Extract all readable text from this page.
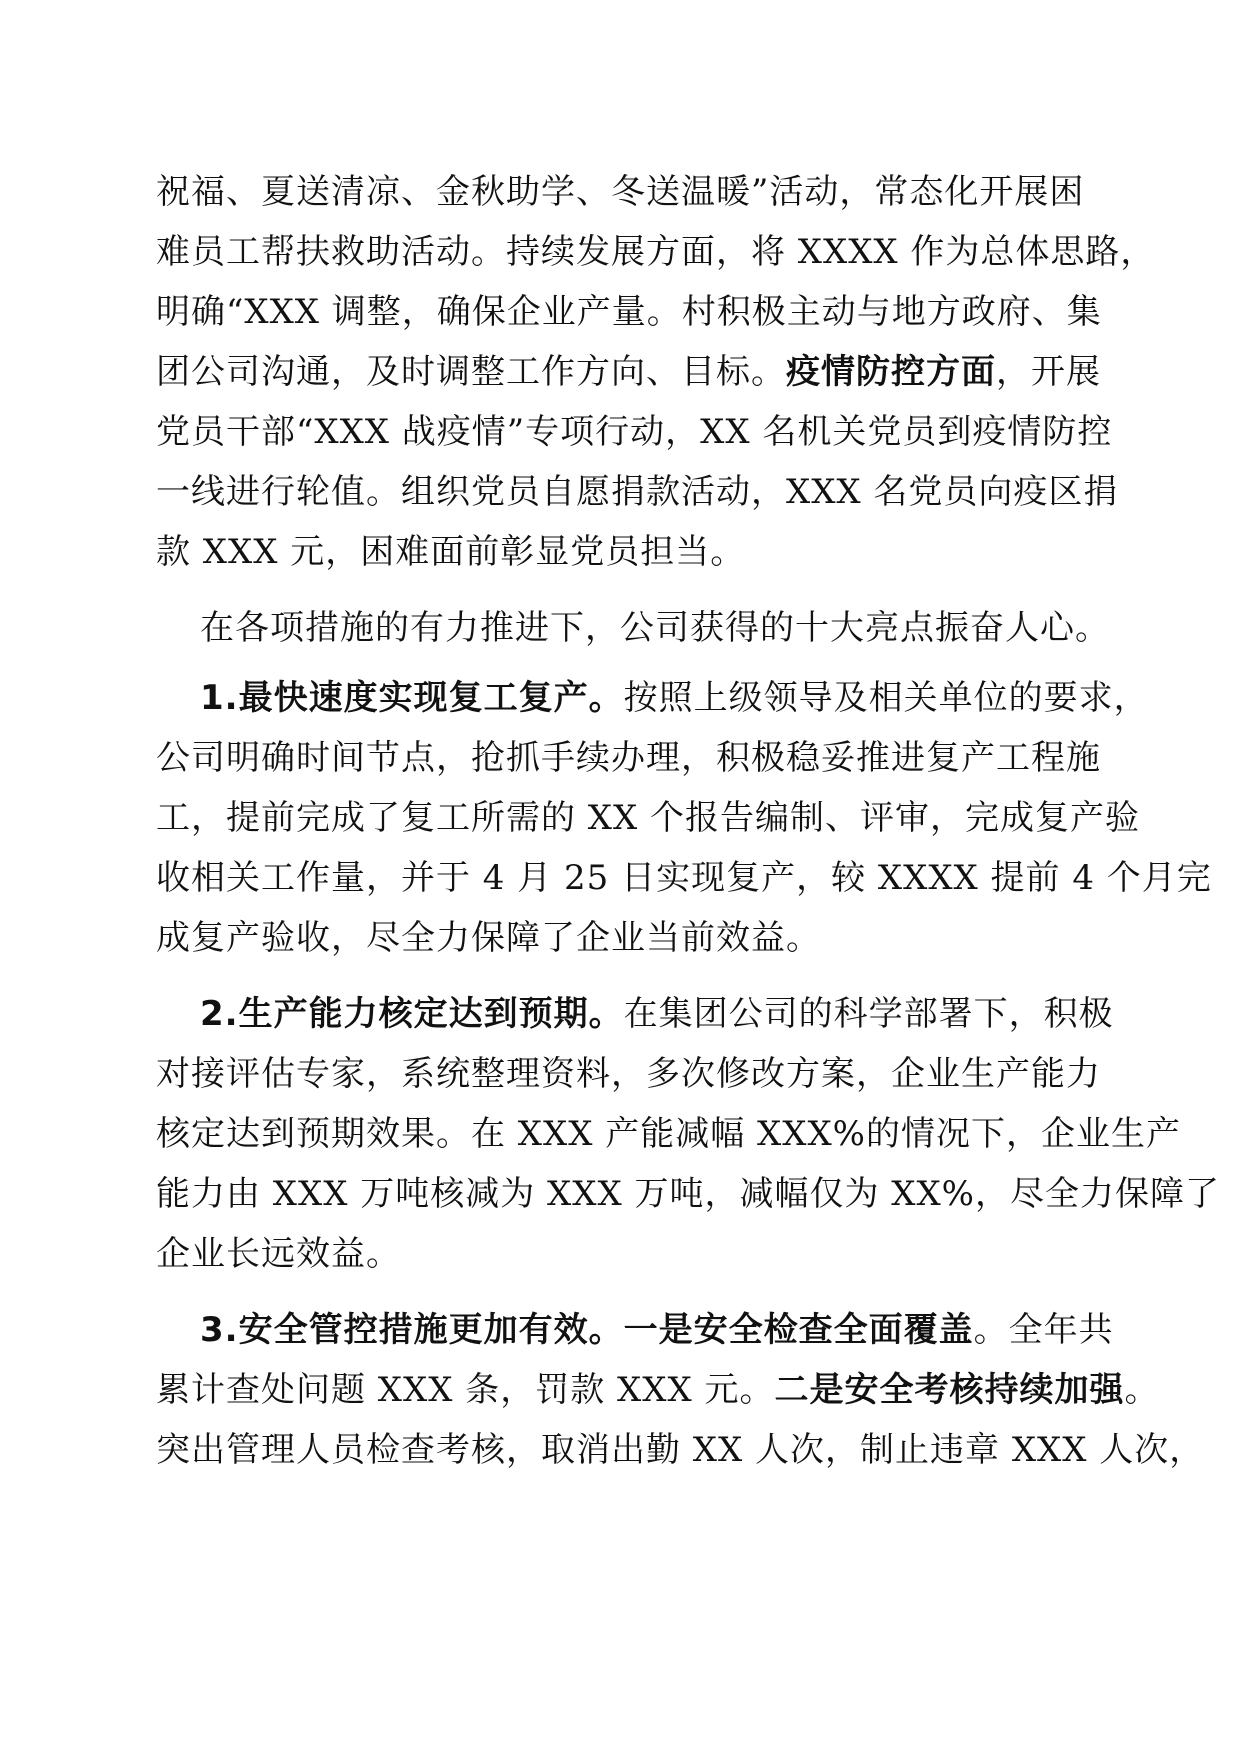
祝福、夏送清凉、金秋助学、冬送温暖”活动，常态化开展困
难员工帮扶救助活动。持续发展方面，将 XXXX 作为总体思路，
明确“XXX 调整，确保企业产量。村积极主动与地方政府、集
团公司沟通，及时调整工作方向、目标。疫情防控方面，开展
党员干部“XXX 战疫情”专项行动，XX 名机关党员到疫情防控
一线进行轮值。组织党员自愿捐款活动，XXX 名党员向疫区捐
款 XXX 元，困难面前彰显党员担当。
在各项措施的有力推进下，公司获得的十大亮点振奋人心。
1.最快速度实现复工复产。按照上级领导及相关单位的要求，
公司明确时间节点，抢抓手续办理，积极稳妥推进复产工程施
工，提前完成了复工所需的 XX 个报告编制、评审，完成复产验
收相关工作量，并于 4 月 25 日实现复产，较 XXXX 提前 4 个月完
成复产验收，尽全力保障了企业当前效益。
2.生产能力核定达到预期。在集团公司的科学部署下，积极
对接评估专家，系统整理资料，多次修改方案，企业生产能力
核定达到预期效果。在 XXX 产能减幅 XXX%的情况下，企业生产
能力由 XXX 万吨核减为 XXX 万吨，减幅仅为 XX%，尽全力保障了
企业长远效益。
3.安全管控措施更加有效。一是安全检查全面覆盖。全年共
累计查处问题 XXX 条，罚款 XXX 元。二是安全考核持续加强。
突出管理人员检查考核，取消出勤 XX 人次，制止违章 XXX 人次，
